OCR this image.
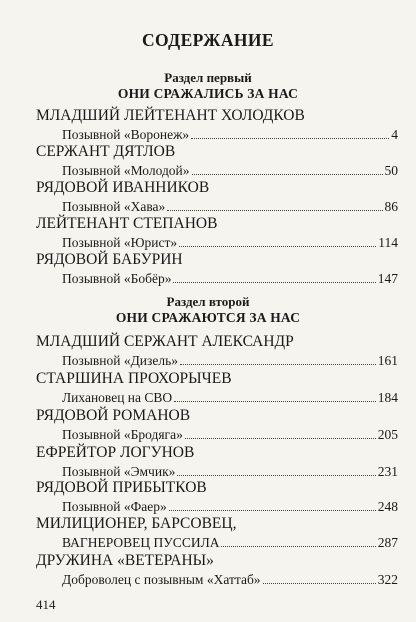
СОДЕРЖАНИЕ
Раздел первый
ОНИ СРАЖАЛИСЬ ЗА НАС
МЛАДШИЙ ЛЕЙТЕНАНТ ХОЛОДКОВ
Позывной «Воронеж»	4
СЕРЖАНТ ДЯТЛОВ
Позывной «Молодой»	50
РЯДОВОЙ ИВАННИКОВ
Позывной «Хава»	86
ЛЕЙТЕНАНТ СТЕПАНОВ
Позывной «Юрист»	114
РЯДОВОЙ БАБУРИН
Позывной «Бобёр»	147
Раздел второй
ОНИ СРАЖАЮТСЯ ЗА НАС
МЛАДШИЙ СЕРЖАНТ АЛЕКСАНДР
Позывной «Дизель»	161
СТАРШИНА ПРОХОРЫЧЕВ
Лихановец на СВО	184
РЯДОВОЙ РОМАНОВ
Позывной «Бродяга»	205
ЕФРЕЙТОР ЛОГУНОВ
Позывной «Эмчик»	231
РЯДОВОЙ ПРИБЫТКОВ
Позывной «Фаер»	248
МИЛИЦИОНЕР, БАРСОВЕЦ,
ВАГНЕРОВЕЦ ПУССИЛА	287
ДРУЖИНА «ВЕТЕРАНЫ»
Доброволец с позывным «Хаттаб»	322
414
